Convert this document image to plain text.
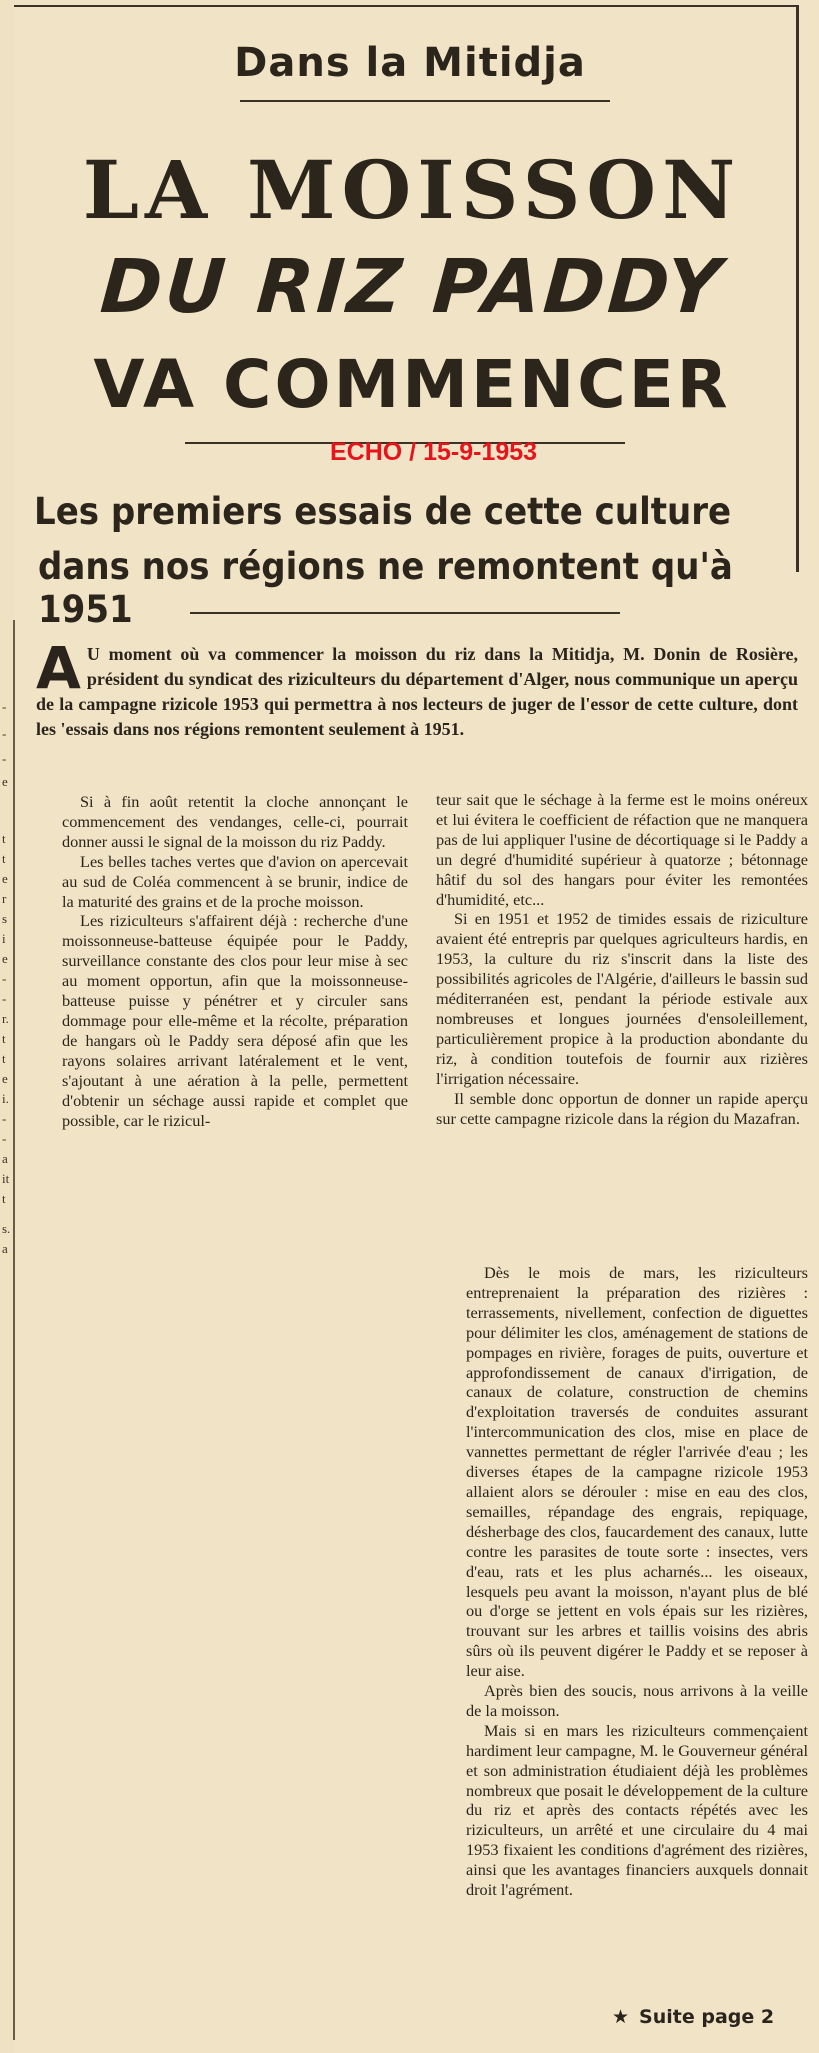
-
-
-
e
t
t
e
r
s
i
e
-
-
r.
t
t
e
i.
-
-
a
it
t
s.
a
Dans la Mitidja
LA MOISSON
DU RIZ PADDY
VA COMMENCER
ECHO / 15-9-1953
Les premiers essais de cette culture
dans nos régions ne remontent qu'à 1951
A U moment où va commencer la moisson du riz dans la Mitidja, M. Donin de Rosière, président du syndicat des riziculteurs du département d'Alger, nous communique un aperçu de la campagne rizicole 1953 qui permettra à nos lecteurs de juger de l'essor de cette culture, dont les 'essais dans nos régions remontent seulement à 1951.

Si à fin août retentit la cloche annonçant le commencement des vendanges, celle-ci, pourrait donner aussi le signal de la moisson du riz Paddy.

Les belles taches vertes que d'avion on apercevait au sud de Coléa commencent à se brunir, indice de la maturité des grains et de la proche moisson.

Les riziculteurs s'affairent déjà : recherche d'une moissonneuse-batteuse équipée pour le Paddy, surveillance constante des clos pour leur mise à sec au moment opportun, afin que la moissonneuse-batteuse puisse y pénétrer et y circuler sans dommage pour elle-même et la récolte, préparation de hangars où le Paddy sera déposé afin que les rayons solaires arrivant latéralement et le vent, s'ajoutant à une aération à la pelle, permettent d'obtenir un séchage aussi rapide et complet que possible, car le rizicul-

teur sait que le séchage à la ferme est le moins onéreux et lui évitera le coefficient de réfaction que ne manquera pas de lui appliquer l'usine de décortiquage si le Paddy a un degré d'humidité supérieur à quatorze ; bétonnage hâtif du sol des hangars pour éviter les remontées d'humidité, etc...

Si en 1951 et 1952 de timides essais de riziculture avaient été entrepris par quelques agriculteurs hardis, en 1953, la culture du riz s'inscrit dans la liste des possibilités agricoles de l'Algérie, d'ailleurs le bassin sud méditerranéen est, pendant la période estivale aux nombreuses et longues journées d'ensoleillement, particulièrement propice à la production abondante du riz, à condition toutefois de fournir aux rizières l'irrigation nécessaire.

Il semble donc opportun de donner un rapide aperçu sur cette campagne rizicole dans la région du Mazafran.

Dès le mois de mars, les riziculteurs entreprenaient la préparation des rizières : terrassements, nivellement, confection de diguettes pour délimiter les clos, aménagement de stations de pompages en rivière, forages de puits, ouverture et approfondissement de canaux d'irrigation, de canaux de colature, construction de chemins d'exploitation traversés de conduites assurant l'intercommunication des clos, mise en place de vannettes permettant de régler l'arrivée d'eau ; les diverses étapes de la campagne rizicole 1953 allaient alors se dérouler : mise en eau des clos, semailles, répandage des engrais, repiquage, désherbage des clos, faucardement des canaux, lutte contre les parasites de toute sorte : insectes, vers d'eau, rats et les plus acharnés... les oiseaux, lesquels peu avant la moisson, n'ayant plus de blé ou d'orge se jettent en vols épais sur les rizières, trouvant sur les arbres et taillis voisins des abris sûrs où ils peuvent digérer le Paddy et se reposer à leur aise.

Après bien des soucis, nous arrivons à la veille de la moisson.

Mais si en mars les riziculteurs commençaient hardiment leur campagne, M. le Gouverneur général et son administration étudiaient déjà les problèmes nombreux que posait le développement de la culture du riz et après des contacts répétés avec les riziculteurs, un arrêté et une circulaire du 4 mai 1953 fixaient les conditions d'agrément des rizières, ainsi que les avantages financiers auxquels donnait droit l'agrément.

★ Suite page 2
